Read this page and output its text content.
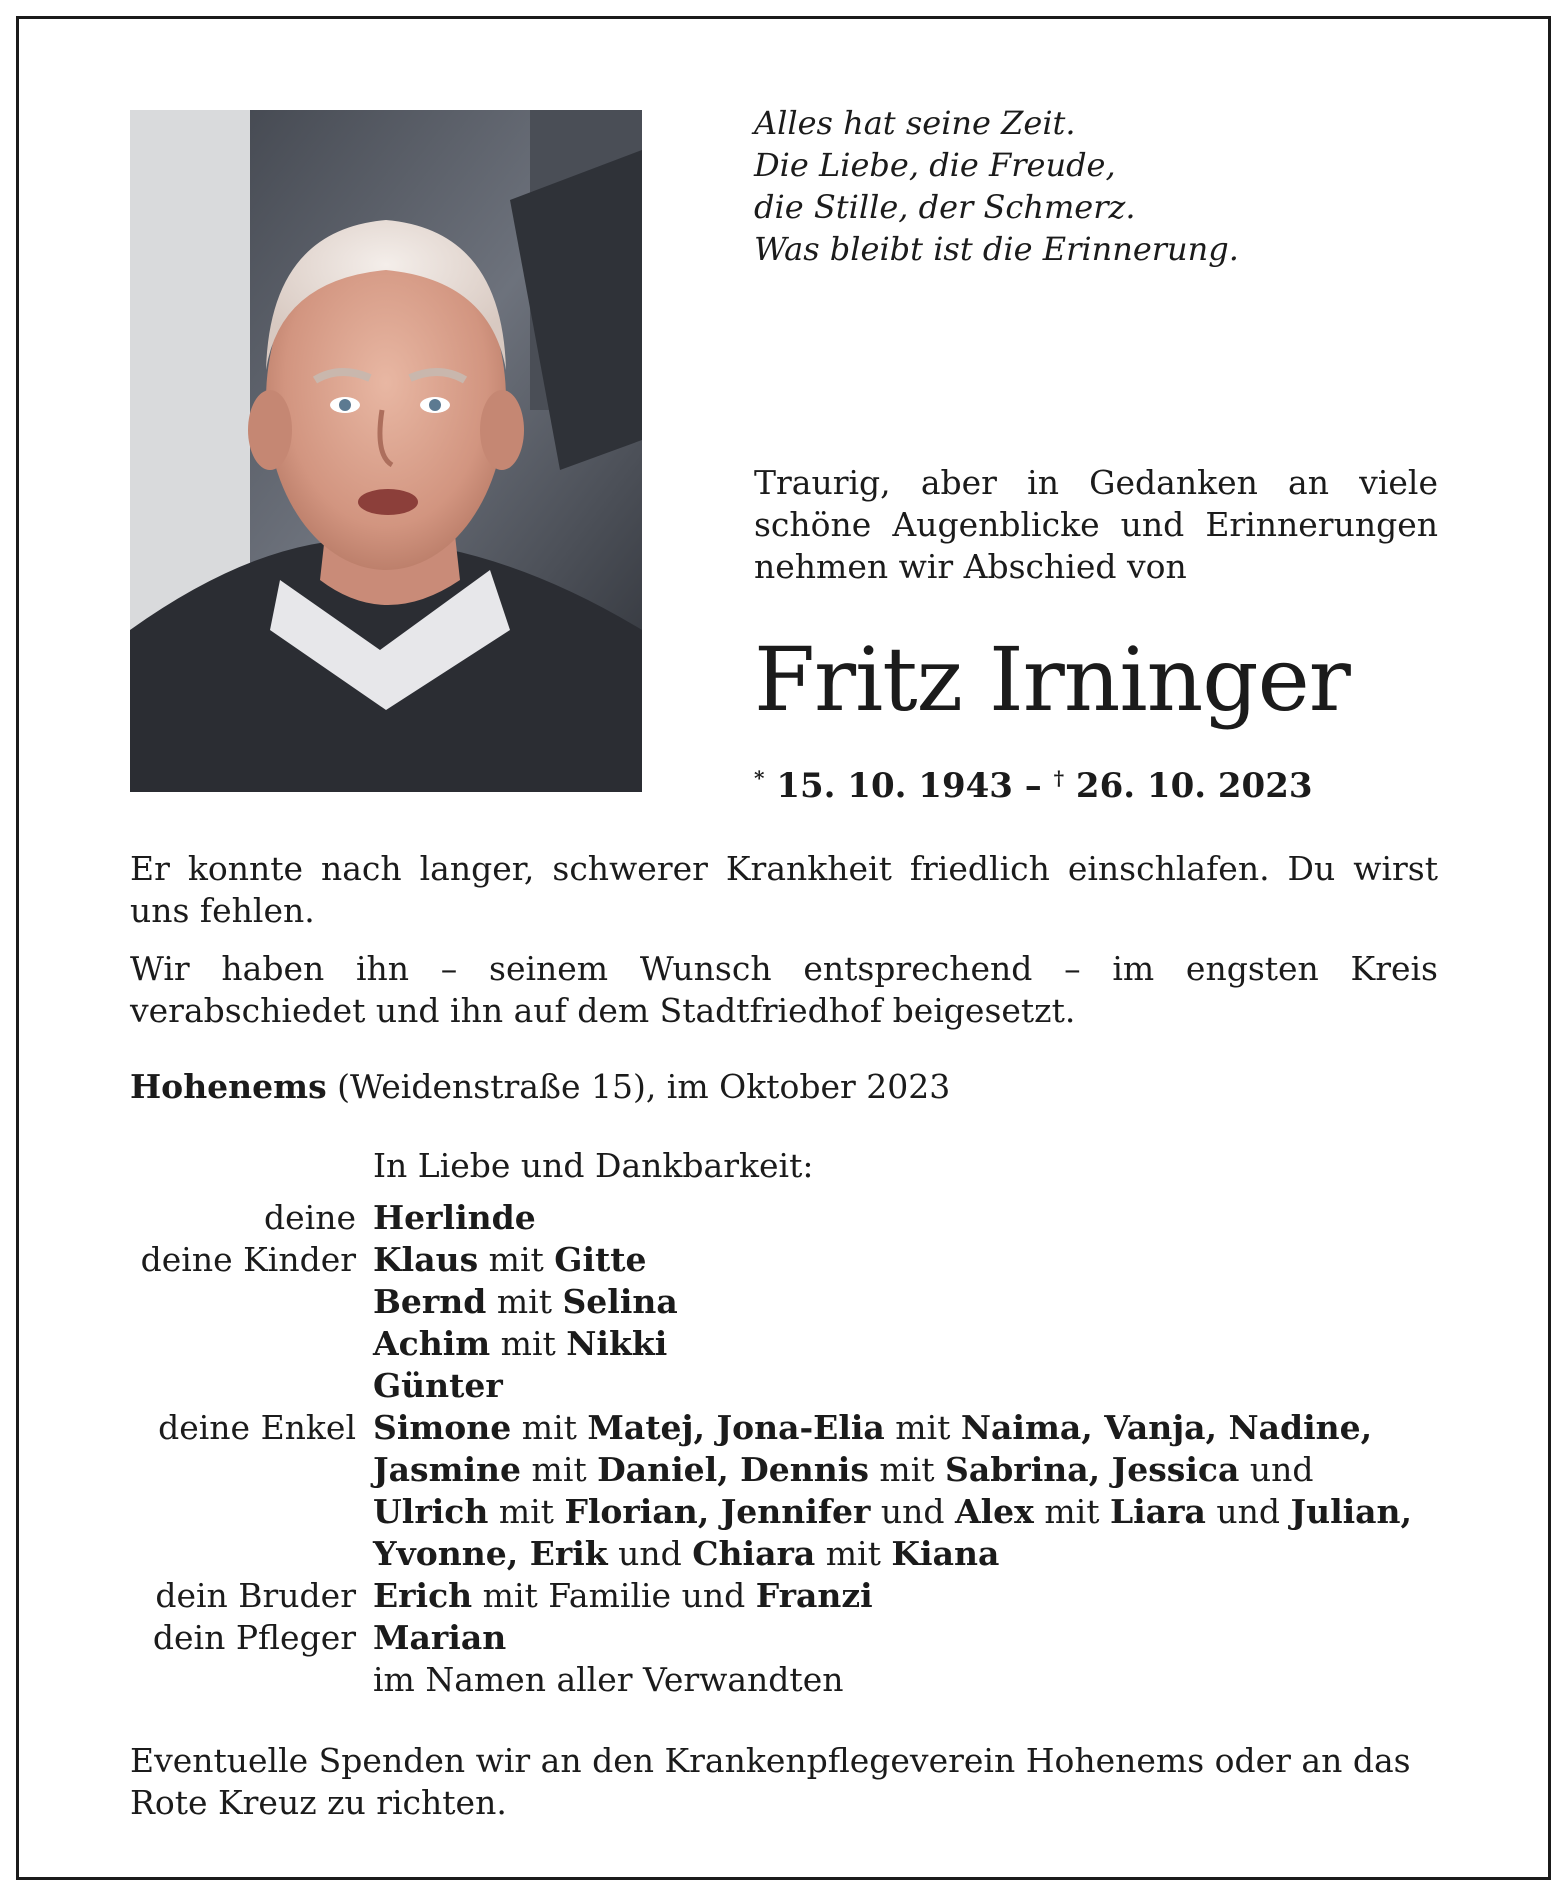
Alles hat seine Zeit.
Die Liebe, die Freude,
die Stille, der Schmerz.
Was bleibt ist die Erinnerung.
Traurig, aber in Gedanken an viele schöne Augenblicke und Erinnerungen nehmen wir Abschied von
Fritz Irninger
* 15. 10. 1943 – † 26. 10. 2023
Er konnte nach langer, schwerer Krankheit friedlich einschlafen. Du wirst uns fehlen.
Wir haben ihn – seinem Wunsch entsprechend – im engsten Kreis verabschiedet und ihn auf dem Stadtfriedhof beigesetzt.
Hohenems (Weidenstraße 15), im Oktober 2023
In Liebe und Dankbarkeit:
deine Herlinde
deine Kinder Klaus mit Gitte
Bernd mit Selina
Achim mit Nikki
Günter
deine Enkel Simone mit Matej, Jona-Elia mit Naima, Vanja, Nadine,
Jasmine mit Daniel, Dennis mit Sabrina, Jessica und
Ulrich mit Florian, Jennifer und Alex mit Liara und Julian,
Yvonne, Erik und Chiara mit Kiana
dein Bruder Erich mit Familie und Franzi
dein Pfleger Marian
im Namen aller Verwandten
Eventuelle Spenden wir an den Krankenpflegeverein Hohenems oder an das Rote Kreuz zu richten.
